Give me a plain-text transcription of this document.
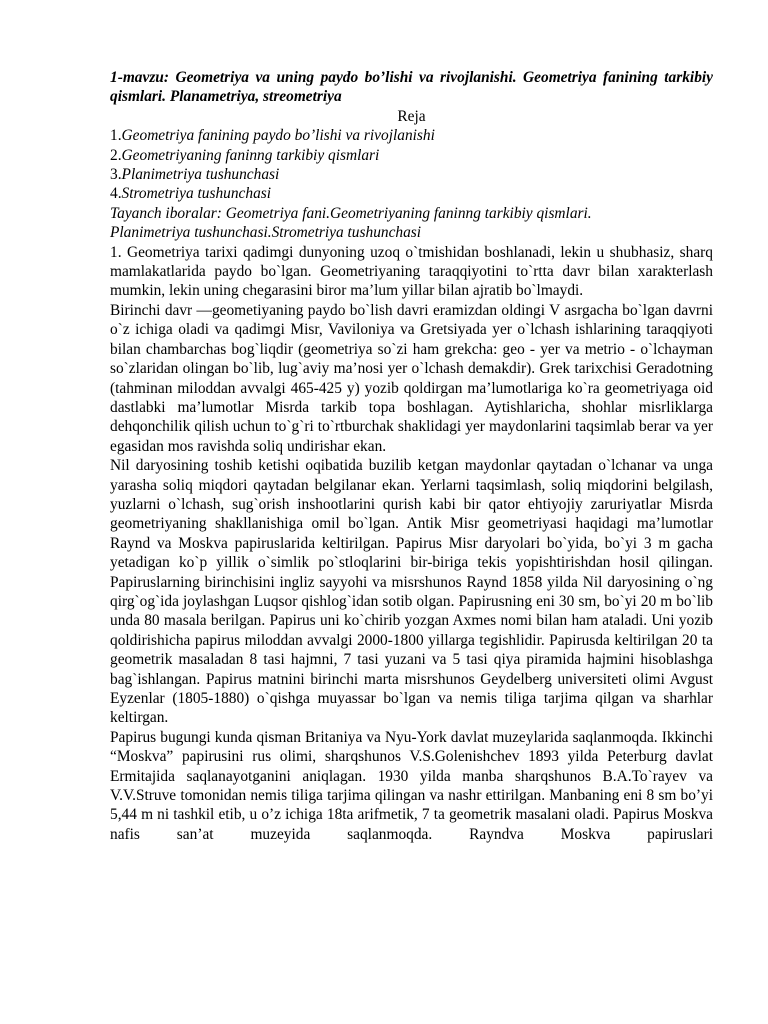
1-mavzu: Geometriya va uning paydo bo’lishi va rivojlanishi. Geometriya fanining tarkibiy qismlari. Planametriya, streometriya

Reja

1.Geometriya fanining paydo bo’lishi va rivojlanishi

2.Geometriyaning faninng tarkibiy qismlari

3.Planimetriya tushunchasi

4.Strometriya tushunchasi

Tayanch iboralar: Geometriya fani.Geometriyaning faninng tarkibiy qismlari.

Planimetriya tushunchasi.Strometriya tushunchasi

1. Geometriya tarixi qadimgi dunyoning uzoq o`tmishidan boshlanadi, lekin u shubhasiz, sharq mamlakatlarida paydo bo`lgan. Geometriyaning taraqqiyotini to`rtta davr bilan xarakterlash mumkin, lekin uning chegarasini biror ma’lum yillar bilan ajratib bo`lmaydi.

Birinchi davr —geometiyaning paydo bo`lish davri eramizdan oldingi V asrgacha bo`lgan davrni o`z ichiga oladi va qadimgi Misr, Vaviloniya va Gretsiyada yer o`lchash ishlarining taraqqiyoti bilan chambarchas bog`liqdir (geometriya so`zi ham grekcha: geo - yer va metrio - o`lchayman so`zlaridan olingan bo`lib, lug`aviy ma’nosi yer o`lchash demakdir). Grek tarixchisi Geradotning (tahminan miloddan avvalgi 465-425 y) yozib qoldirgan ma’lumotlariga ko`ra geometriyaga oid dastlabki ma’lumotlar Misrda tarkib topa boshlagan. Aytishlaricha, shohlar misrliklarga dehqonchilik qilish uchun to`g`ri to`rtburchak shaklidagi yer maydonlarini taqsimlab berar va yer egasidan mos ravishda soliq undirishar ekan.

Nil daryosining toshib ketishi oqibatida buzilib ketgan maydonlar qaytadan o`lchanar va unga yarasha soliq miqdori qaytadan belgilanar ekan. Yerlarni taqsimlash, soliq miqdorini belgilash, yuzlarni o`lchash, sug`orish inshootlarini qurish kabi bir qator ehtiyojiy zaruriyatlar Misrda geometriyaning shakllanishiga omil bo`lgan. Antik Misr geometriyasi haqidagi ma’lumotlar Raynd va Moskva papiruslarida keltirilgan. Papirus Misr daryolari bo`yida, bo`yi 3 m gacha yetadigan ko`p yillik o`simlik po`stloqlarini bir-biriga tekis yopishtirishdan hosil qilingan. Papiruslarning birinchisini ingliz sayyohi va misrshunos Raynd 1858 yilda Nil daryosining o`ng qirg`og`ida joylashgan Luqsor qishlog`idan sotib olgan. Papirusning eni 30 sm, bo`yi 20 m bo`lib unda 80 masala berilgan. Papirus uni ko`chirib yozgan Axmes nomi bilan ham ataladi. Uni yozib qoldirishicha papirus miloddan avvalgi 2000-1800 yillarga tegishlidir. Papirusda keltirilgan 20 ta geometrik masaladan 8 tasi hajmni, 7 tasi yuzani va 5 tasi qiya piramida hajmini hisoblashga bag`ishlangan. Papirus matnini birinchi marta misrshunos Geydelberg universiteti olimi Avgust Eyzenlar (1805-1880) o`qishga muyassar bo`lgan va nemis tiliga tarjima qilgan va sharhlar keltirgan.

Papirus bugungi kunda qisman Britaniya va Nyu-York davlat muzeylarida saqlanmoqda. Ikkinchi “Moskva” papirusini rus olimi, sharqshunos V.S.Golenishchev 1893 yilda Peterburg davlat Ermitajida saqlanayotganini aniqlagan. 1930 yilda manba sharqshunos B.A.To`rayev va V.V.Struve tomonidan nemis tiliga tarjima qilingan va nashr ettirilgan. Manbaning eni 8 sm bo’yi 5,44 m ni tashkil etib, u o’z ichiga 18ta arifmetik, 7 ta geometrik masalani oladi. Papirus Moskva nafis san’at muzeyida saqlanmoqda. Rayndva Moskva papiruslari
